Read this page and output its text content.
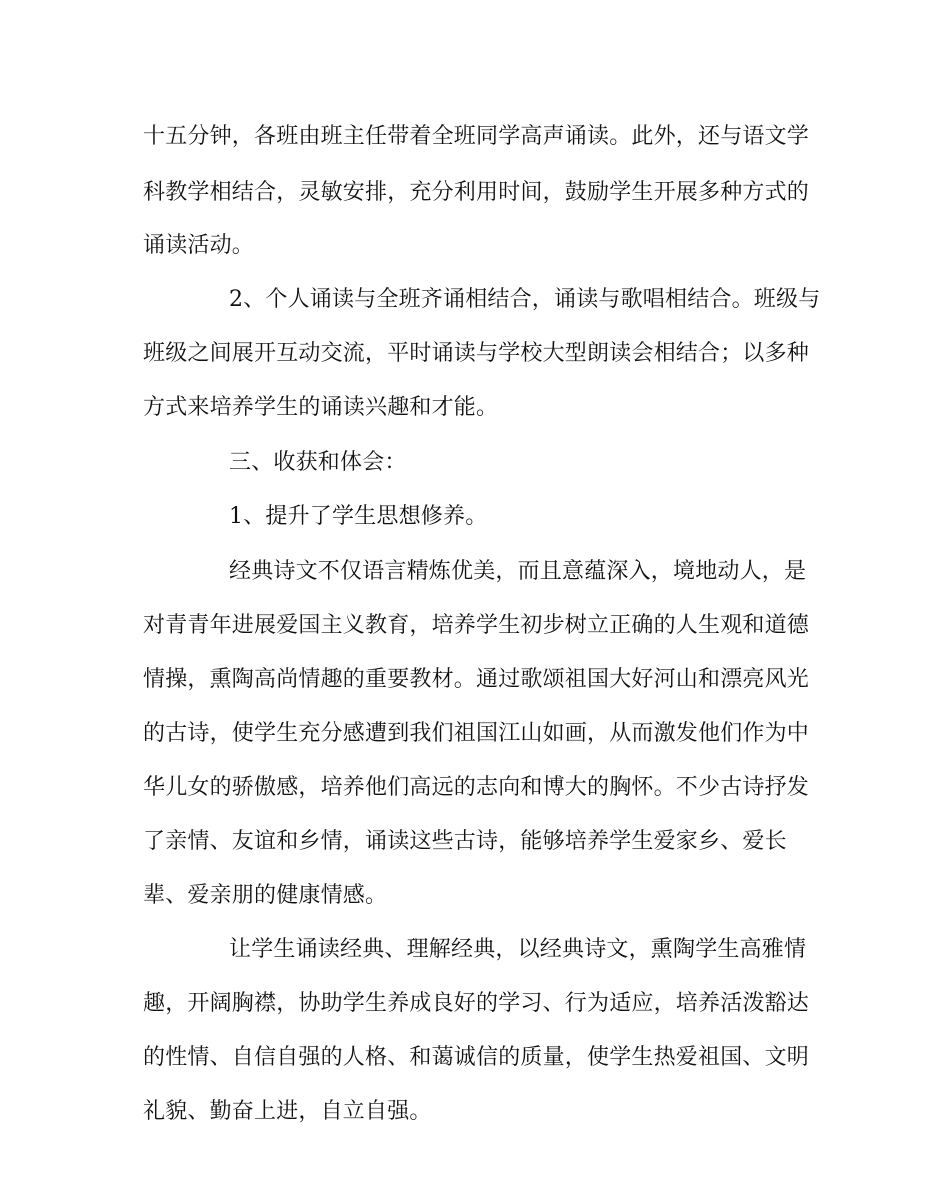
十五分钟，各班由班主任带着全班同学高声诵读。此外，还与语文学
科教学相结合，灵敏安排，充分利用时间，鼓励学生开展多种方式的
诵读活动。
2、个人诵读与全班齐诵相结合，诵读与歌唱相结合。班级与
班级之间展开互动交流，平时诵读与学校大型朗读会相结合；以多种
方式来培养学生的诵读兴趣和才能。
三、收获和体会：
1、提升了学生思想修养。
经典诗文不仅语言精炼优美，而且意蕴深入，境地动人，是
对青青年进展爱国主义教育，培养学生初步树立正确的人生观和道德
情操，熏陶高尚情趣的重要教材。通过歌颂祖国大好河山和漂亮风光
的古诗，使学生充分感遭到我们祖国江山如画，从而激发他们作为中
华儿女的骄傲感，培养他们高远的志向和博大的胸怀。不少古诗抒发
了亲情、友谊和乡情，诵读这些古诗，能够培养学生爱家乡、爱长
辈、爱亲朋的健康情感。
让学生诵读经典、理解经典，以经典诗文，熏陶学生高雅情
趣，开阔胸襟，协助学生养成良好的学习、行为适应，培养活泼豁达
的性情、自信自强的人格、和蔼诚信的质量，使学生热爱祖国、文明
礼貌、勤奋上进，自立自强。
